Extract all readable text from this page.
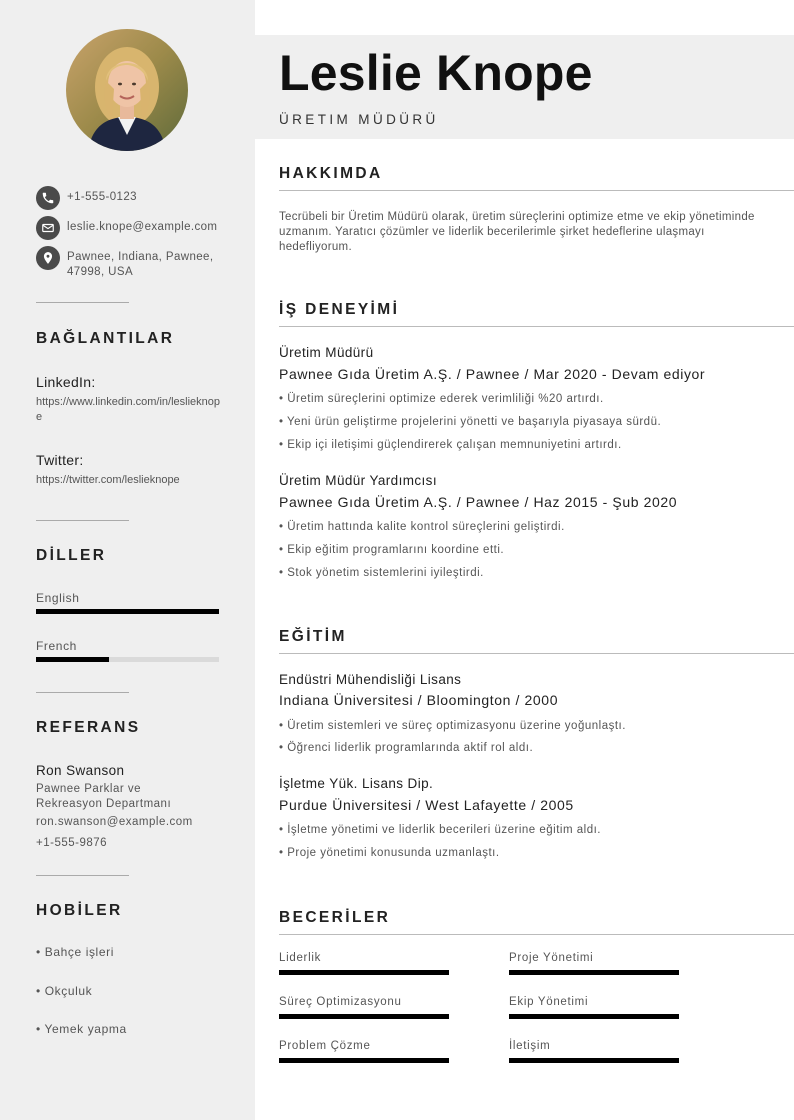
+1-555-0123
leslie.knope@example.com
Pawnee, Indiana, Pawnee, 47998, USA
BAĞLANTILAR
LinkedIn:
https://www.linkedin.com/in/leslieknope
Twitter:
https://twitter.com/leslieknope
DİLLER
English
French
REFERANS
Ron Swanson
Pawnee Parklar ve
Rekreasyon Departmanı
ron.swanson@example.com
+1-555-9876
HOBİLER
• Bahçe işleri
• Okçuluk
• Yemek yapma
Leslie Knope
ÜRETIM MÜDÜRÜ
HAKKIMDA
Tecrübeli bir Üretim Müdürü olarak, üretim süreçlerini optimize etme ve ekip yönetiminde uzmanım. Yaratıcı çözümler ve liderlik becerilerimle şirket hedeflerine ulaşmayı hedefliyorum.
İŞ DENEYİMİ
Üretim Müdürü
Pawnee Gıda Üretim A.Ş. / Pawnee / Mar 2020 - Devam ediyor
• Üretim süreçlerini optimize ederek verimliliği %20 artırdı.
• Yeni ürün geliştirme projelerini yönetti ve başarıyla piyasaya sürdü.
• Ekip içi iletişimi güçlendirerek çalışan memnuniyetini artırdı.
Üretim Müdür Yardımcısı
Pawnee Gıda Üretim A.Ş. / Pawnee / Haz 2015 - Şub 2020
• Üretim hattında kalite kontrol süreçlerini geliştirdi.
• Ekip eğitim programlarını koordine etti.
• Stok yönetim sistemlerini iyileştirdi.
EĞİTİM
Endüstri Mühendisliği Lisans
Indiana Üniversitesi / Bloomington / 2000
• Üretim sistemleri ve süreç optimizasyonu üzerine yoğunlaştı.
• Öğrenci liderlik programlarında aktif rol aldı.
İşletme Yük. Lisans Dip.
Purdue Üniversitesi / West Lafayette / 2005
• İşletme yönetimi ve liderlik becerileri üzerine eğitim aldı.
• Proje yönetimi konusunda uzmanlaştı.
BECERİLER
Liderlik	Proje Yönetimi
Süreç Optimizasyonu	Ekip Yönetimi
Problem Çözme	İletişim
